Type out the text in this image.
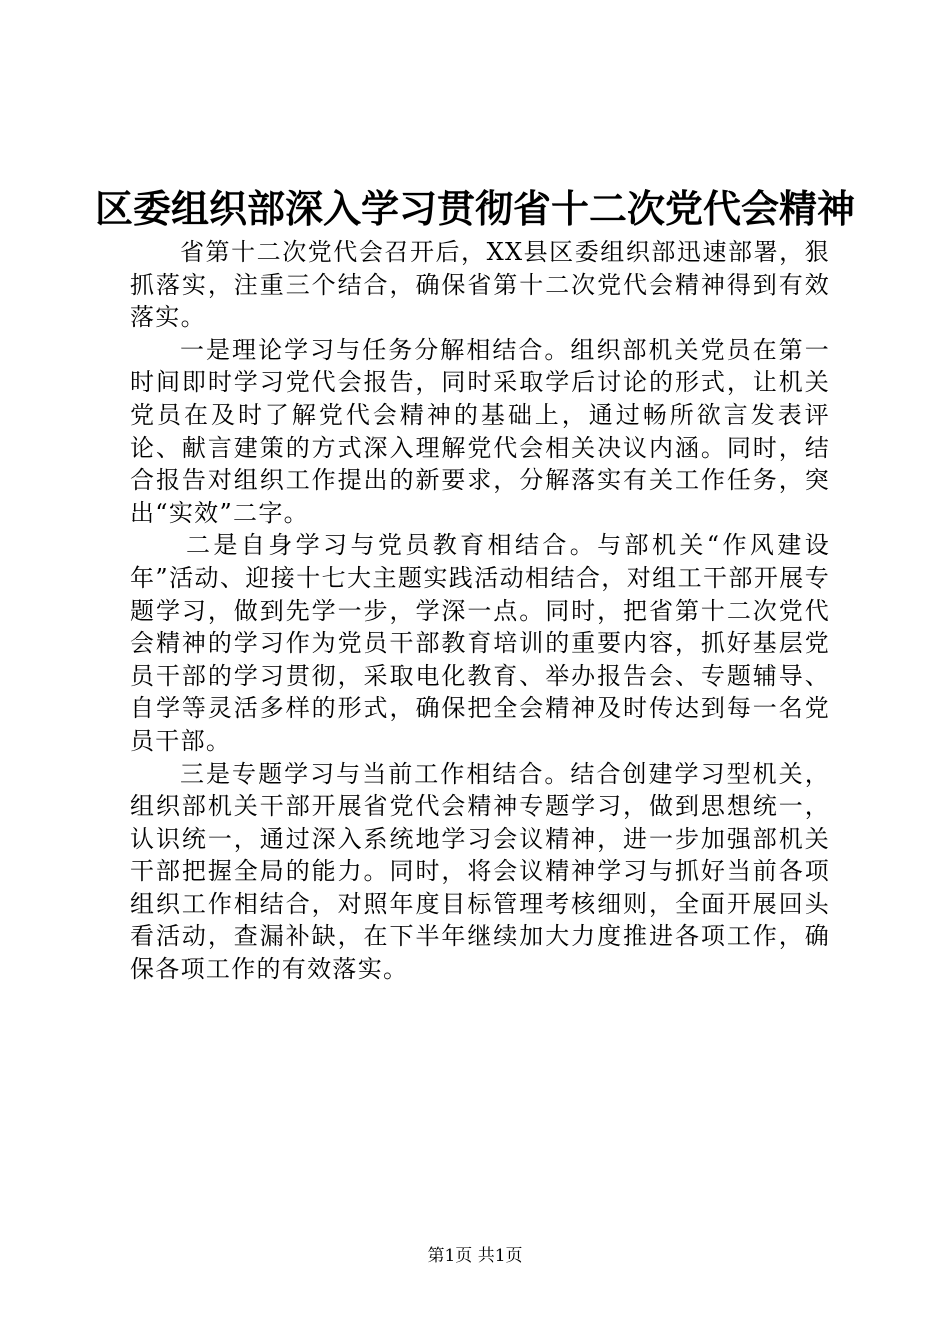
区委组织部深入学习贯彻省十二次党代会精神

省第十二次党代会召开后，XX县区委组织部迅速部署，狠抓落实，注重三个结合，确保省第十二次党代会精神得到有效落实。

一是理论学习与任务分解相结合。组织部机关党员在第一时间即时学习党代会报告，同时采取学后讨论的形式，让机关党员在及时了解党代会精神的基础上，通过畅所欲言发表评论、献言建策的方式深入理解党代会相关决议内涵。同时，结合报告对组织工作提出的新要求，分解落实有关工作任务，突出“实效”二字。

二是自身学习与党员教育相结合。与部机关“作风建设年”活动、迎接十七大主题实践活动相结合，对组工干部开展专题学习，做到先学一步，学深一点。同时，把省第十二次党代会精神的学习作为党员干部教育培训的重要内容，抓好基层党员干部的学习贯彻，采取电化教育、举办报告会、专题辅导、自学等灵活多样的形式，确保把全会精神及时传达到每一名党员干部。

三是专题学习与当前工作相结合。结合创建学习型机关，组织部机关干部开展省党代会精神专题学习，做到思想统一，认识统一，通过深入系统地学习会议精神，进一步加强部机关干部把握全局的能力。同时，将会议精神学习与抓好当前各项组织工作相结合，对照年度目标管理考核细则，全面开展回头看活动，查漏补缺，在下半年继续加大力度推进各项工作，确保各项工作的有效落实。

第1页 共1页
